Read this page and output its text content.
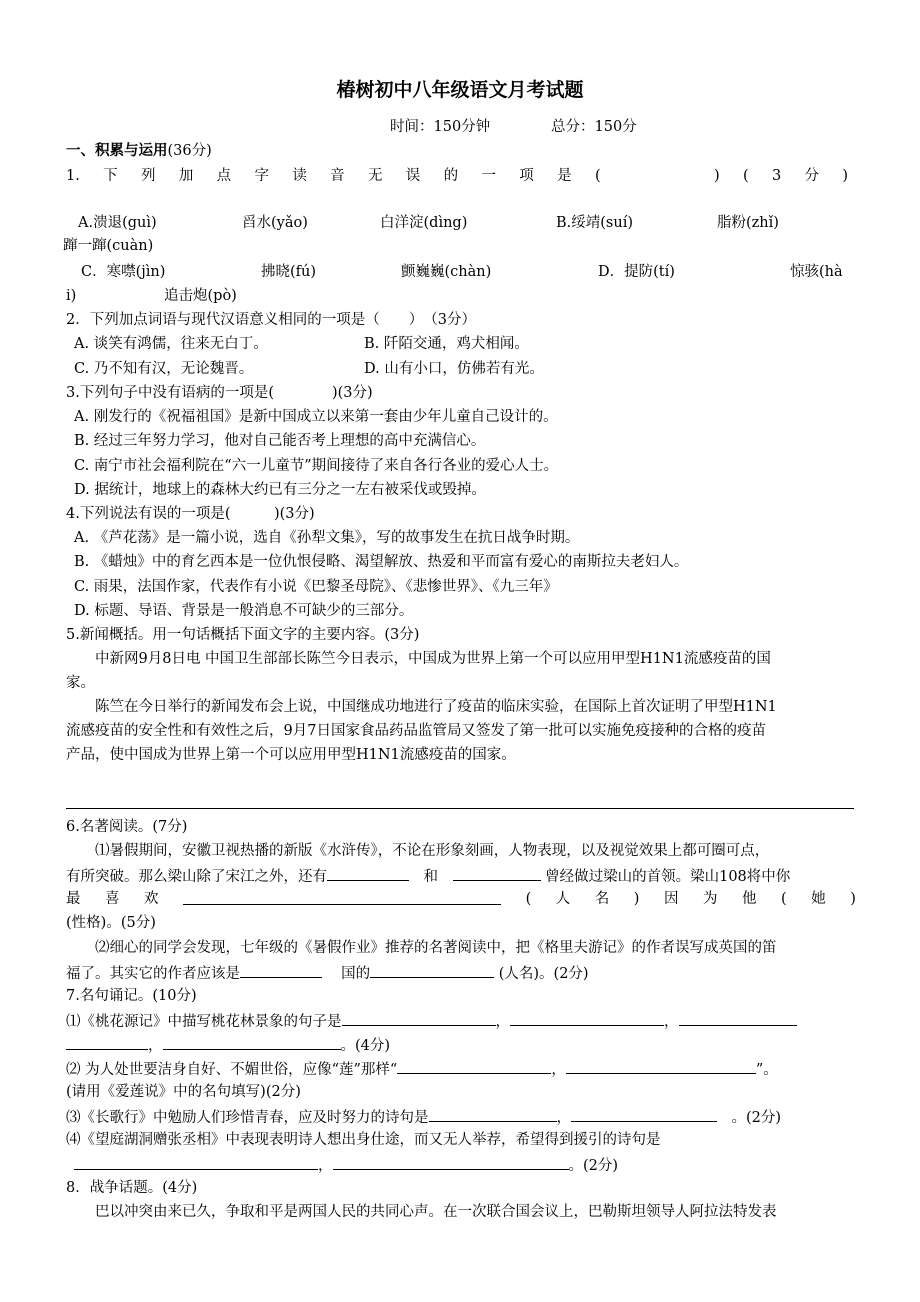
椿树初中八年级语文月考试题
时间：150分钟	总分：150分
一、积累与运用(36分)
1. 下 列 加 点 字 读 音 无 误 的 一 项 是 (	) ( 3 分 )
A.溃退(guì)	舀水(yǎo)	白洋淀(dìng)	B.绥靖(suí)	脂粉(zhǐ)
蹿一蹿(cuàn)
C．寒噤(jìn)	拂晓(fú)	颤巍巍(chàn)	D．提防(tí)	惊骇(hà
i)	追击炮(pò)
2．下列加点词语与现代汉语意义相同的一项是（　　）　（3分）
A. 谈笑有鸿儒，往来无白丁。	B. 阡陌交通，鸡犬相闻。
C. 乃不知有汉，无论魏晋。	D. 山有小口，仿佛若有光。
3.下列句子中没有语病的一项是(　　　　)(3分)
A. 刚发行的《祝福祖国》是新中国成立以来第一套由少年儿童自己设计的。
B. 经过三年努力学习，他对自己能否考上理想的高中充满信心。
C. 南宁市社会福利院在“六一儿童节”期间接待了来自各行各业的爱心人士。
D. 据统计，地球上的森林大约已有三分之一左右被采伐或毁掉。
4.下列说法有误的一项是(　　　)(3分)
A. 《芦花荡》是一篇小说，选自《孙犁文集》，写的故事发生在抗日战争时期。
B. 《蜡烛》中的育乞西本是一位仇恨侵略、渴望解放、热爱和平而富有爱心的南斯拉夫老妇人。
C. 雨果，法国作家，代表作有小说《巴黎圣母院》、《悲惨世界》、《九三年》
D. 标题、导语、背景是一般消息不可缺少的三部分。
5.新闻概括。用一句话概括下面文字的主要内容。(3分)
中新网9月8日电 中国卫生部部长陈竺今日表示，中国成为世界上第一个可以应用甲型H1N1流感疫苗的国
家。
陈竺在今日举行的新闻发布会上说，中国继成功地进行了疫苗的临床实验，在国际上首次证明了甲型H1N1
流感疫苗的安全性和有效性之后，9月7日国家食品药品监管局又签发了第一批可以实施免疫接种的合格的疫苗
产品，使中国成为世界上第一个可以应用甲型H1N1流感疫苗的国家。
6.名著阅读。(7分)
⑴暑假期间，安徽卫视热播的新版《水浒传》，不论在形象刻画，人物表现，以及视觉效果上都可圈可点，
有所突破。那么梁山除了宋江之外，还有　	和　	曾经做过梁山的首领。梁山108将中你
最 喜 欢	( 人 名 ) 因 为 他 ( 她 )
(性格)。(5分)
⑵细心的同学会发现，七年级的《暑假作业》推荐的名著阅读中，把《格里夫游记》的作者误写成英国的笛
福了。其实它的作者应该是　	国的	(人名)。(2分)
7.名句诵记。(10分)
⑴《桃花源记》中描写桃花林景象的句子是	，	，
，	。(4分)
⑵ 为人处世要洁身自好、不媚世俗，应像“莲”那样“	，	”。
(请用《爱莲说》中的名句填写)(2分)
⑶《长歌行》中勉励人们珍惜青春，应及时努力的诗句是	，　	。(2分)
⑷《望庭湖洞赠张丞相》中表现表明诗人想出身仕途，而又无人举荐，希望得到援引的诗句是
，	。(2分)
8．战争话题。(4分)
巴以冲突由来已久，争取和平是两国人民的共同心声。在一次联合国会议上，巴勒斯坦领导人阿拉法特发表
